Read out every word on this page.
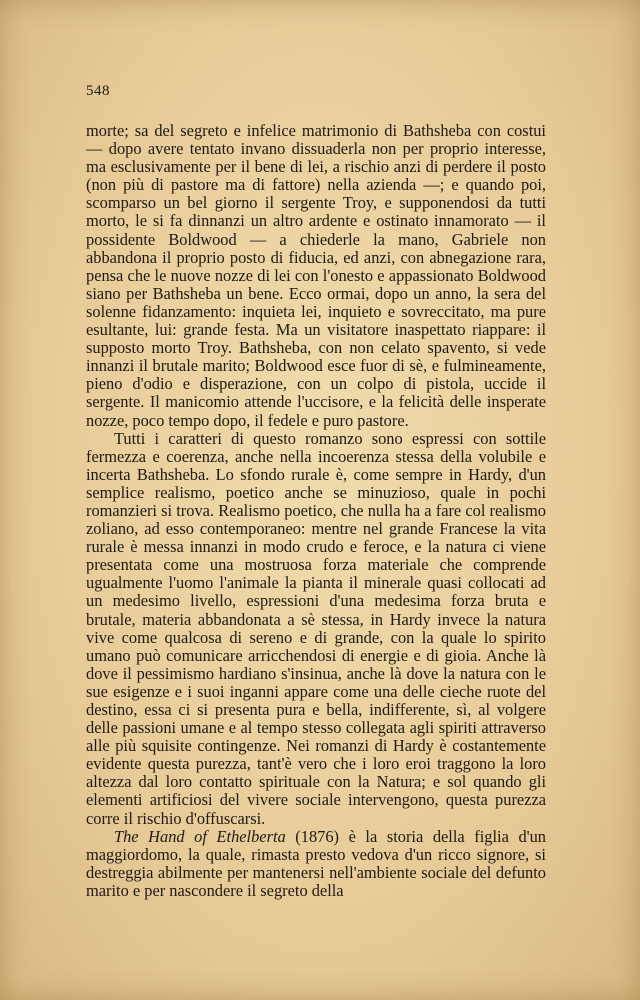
548

morte; sa del segreto e infelice matrimonio di Bathsheba con costui — dopo avere tentato invano dissuaderla non per proprio interesse, ma esclusivamente per il bene di lei, a rischio anzi di perdere il posto (non più di pastore ma di fattore) nella azienda —; e quando poi, scomparso un bel giorno il sergente Troy, e supponendosi da tutti morto, le si fa dinnanzi un altro ardente e ostinato innamorato — il possidente Boldwood — a chiederle la mano, Gabriele non abbandona il proprio posto di fiducia, ed anzi, con abnegazione rara, pensa che le nuove nozze di lei con l'onesto e appassionato Boldwood siano per Bathsheba un bene. Ecco ormai, dopo un anno, la sera del solenne fidanzamento: inquieta lei, inquieto e sovreccitato, ma pure esultante, lui: grande festa. Ma un visitatore inaspettato riappare: il supposto morto Troy. Bathsheba, con non celato spavento, si vede innanzi il brutale marito; Boldwood esce fuor di sè, e fulmineamente, pieno d'odio e disperazione, con un colpo di pistola, uccide il sergente. Il manicomio attende l'uccisore, e la felicità delle insperate nozze, poco tempo dopo, il fedele e puro pastore.

Tutti i caratteri di questo romanzo sono espressi con sottile fermezza e coerenza, anche nella incoerenza stessa della volubile e incerta Bathsheba. Lo sfondo rurale è, come sempre in Hardy, d'un semplice realismo, poetico anche se minuzioso, quale in pochi romanzieri si trova. Realismo poetico, che nulla ha a fare col realismo zoliano, ad esso contemporaneo: mentre nel grande Francese la vita rurale è messa innanzi in modo crudo e feroce, e la natura ci viene presentata come una mostruosa forza materiale che comprende ugualmente l'uomo l'animale la pianta il minerale quasi collocati ad un medesimo livello, espressioni d'una medesima forza bruta e brutale, materia abbandonata a sè stessa, in Hardy invece la natura vive come qualcosa di sereno e di grande, con la quale lo spirito umano può comunicare arricchendosi di energie e di gioia. Anche là dove il pessimismo hardiano s'insinua, anche là dove la natura con le sue esigenze e i suoi inganni appare come una delle cieche ruote del destino, essa ci si presenta pura e bella, indifferente, sì, al volgere delle passioni umane e al tempo stesso collegata agli spiriti attraverso alle più squisite contingenze. Nei romanzi di Hardy è costantemente evidente questa purezza, tant'è vero che i loro eroi traggono la loro altezza dal loro contatto spirituale con la Natura; e sol quando gli elementi artificiosi del vivere sociale intervengono, questa purezza corre il rischio d'offuscarsi.

The Hand of Ethelberta (1876) è la storia della figlia d'un maggiordomo, la quale, rimasta presto vedova d'un ricco signore, si destreggia abilmente per mantenersi nell'ambiente sociale del defunto marito e per nascondere il segreto della
